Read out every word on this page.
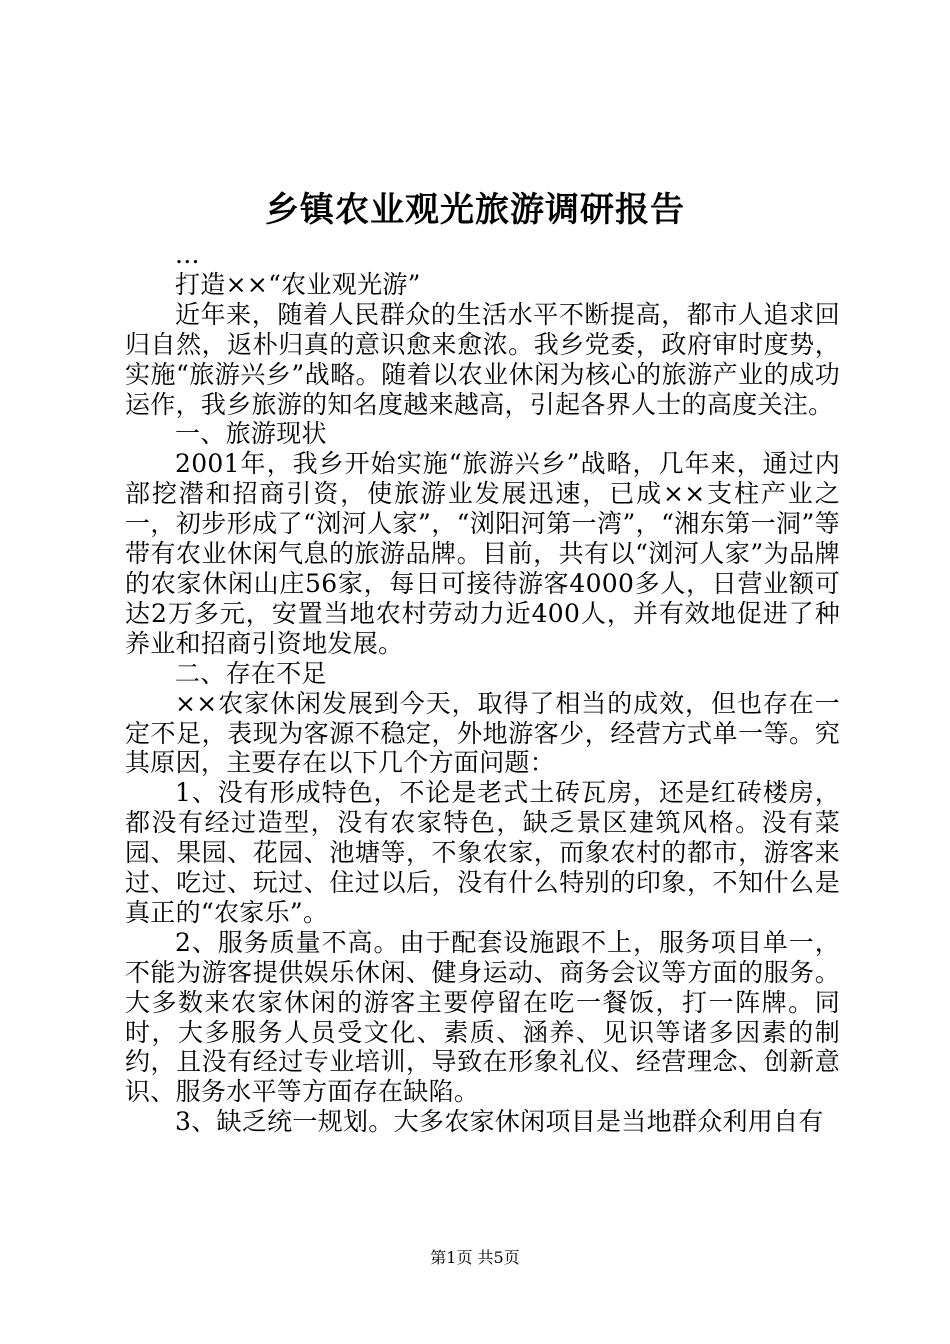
乡镇农业观光旅游调研报告

...

打造××“农业观光游”

近年来，随着人民群众的生活水平不断提高，都市人追求回归自然，返朴归真的意识愈来愈浓。我乡党委，政府审时度势，实施“旅游兴乡”战略。随着以农业休闲为核心的旅游产业的成功运作，我乡旅游的知名度越来越高，引起各界人士的高度关注。

一、旅游现状

2001年，我乡开始实施“旅游兴乡”战略，几年来，通过内部挖潜和招商引资，使旅游业发展迅速，已成××支柱产业之一，初步形成了“浏河人家”，“浏阳河第一湾”，“湘东第一洞”等带有农业休闲气息的旅游品牌。目前，共有以“浏河人家”为品牌的农家休闲山庄56家，每日可接待游客4000多人，日营业额可达2万多元，安置当地农村劳动力近400人，并有效地促进了种养业和招商引资地发展。

二、存在不足

××农家休闲发展到今天，取得了相当的成效，但也存在一定不足，表现为客源不稳定，外地游客少，经营方式单一等。究其原因，主要存在以下几个方面问题：

1、没有形成特色，不论是老式土砖瓦房，还是红砖楼房，都没有经过造型，没有农家特色，缺乏景区建筑风格。没有菜园、果园、花园、池塘等，不象农家，而象农村的都市，游客来过、吃过、玩过、住过以后，没有什么特别的印象，不知什么是真正的“农家乐”。

2、服务质量不高。由于配套设施跟不上，服务项目单一，不能为游客提供娱乐休闲、健身运动、商务会议等方面的服务。大多数来农家休闲的游客主要停留在吃一餐饭，打一阵牌。同时，大多服务人员受文化、素质、涵养、见识等诸多因素的制约，且没有经过专业培训，导致在形象礼仪、经营理念、创新意识、服务水平等方面存在缺陷。

3、缺乏统一规划。大多农家休闲项目是当地群众利用自有

第1页 共5页
